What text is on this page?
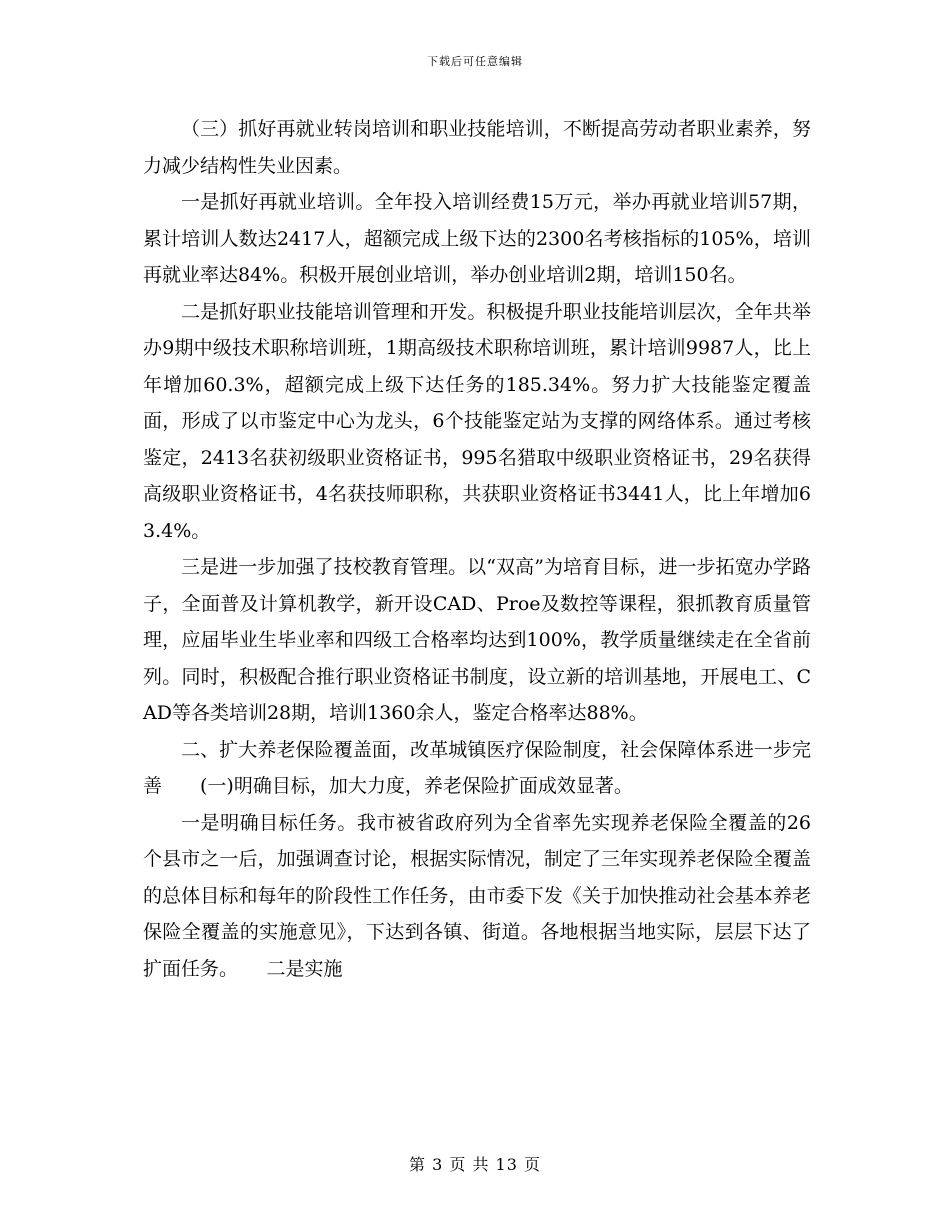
下载后可任意编辑

（三）抓好再就业转岗培训和职业技能培训，不断提高劳动者职业素养，努力减少结构性失业因素。

一是抓好再就业培训。全年投入培训经费15万元，举办再就业培训57期，累计培训人数达2417人，超额完成上级下达的2300名考核指标的105%，培训再就业率达84%。积极开展创业培训，举办创业培训2期，培训150名。

二是抓好职业技能培训管理和开发。积极提升职业技能培训层次，全年共举办9期中级技术职称培训班，1期高级技术职称培训班，累计培训9987人，比上年增加60.3%，超额完成上级下达任务的185.34%。努力扩大技能鉴定覆盖面，形成了以市鉴定中心为龙头，6个技能鉴定站为支撑的网络体系。通过考核鉴定，2413名获初级职业资格证书，995名猎取中级职业资格证书，29名获得高级职业资格证书，4名获技师职称，共获职业资格证书3441人，比上年增加63.4%。

三是进一步加强了技校教育管理。以“双高”为培育目标，进一步拓宽办学路子，全面普及计算机教学，新开设CAD、Proe及数控等课程，狠抓教育质量管理，应届毕业生毕业率和四级工合格率均达到100%，教学质量继续走在全省前列。同时，积极配合推行职业资格证书制度，设立新的培训基地，开展电工、CAD等各类培训28期，培训1360余人，鉴定合格率达88%。

二、扩大养老保险覆盖面，改革城镇医疗保险制度，社会保障体系进一步完善　　(一)明确目标，加大力度，养老保险扩面成效显著。

一是明确目标任务。我市被省政府列为全省率先实现养老保险全覆盖的26个县市之一后，加强调查讨论，根据实际情况，制定了三年实现养老保险全覆盖的总体目标和每年的阶段性工作任务，由市委下发《关于加快推动社会基本养老保险全覆盖的实施意见》，下达到各镇、街道。各地根据当地实际，层层下达了扩面任务。　　二是实施

第 3 页 共 13 页
